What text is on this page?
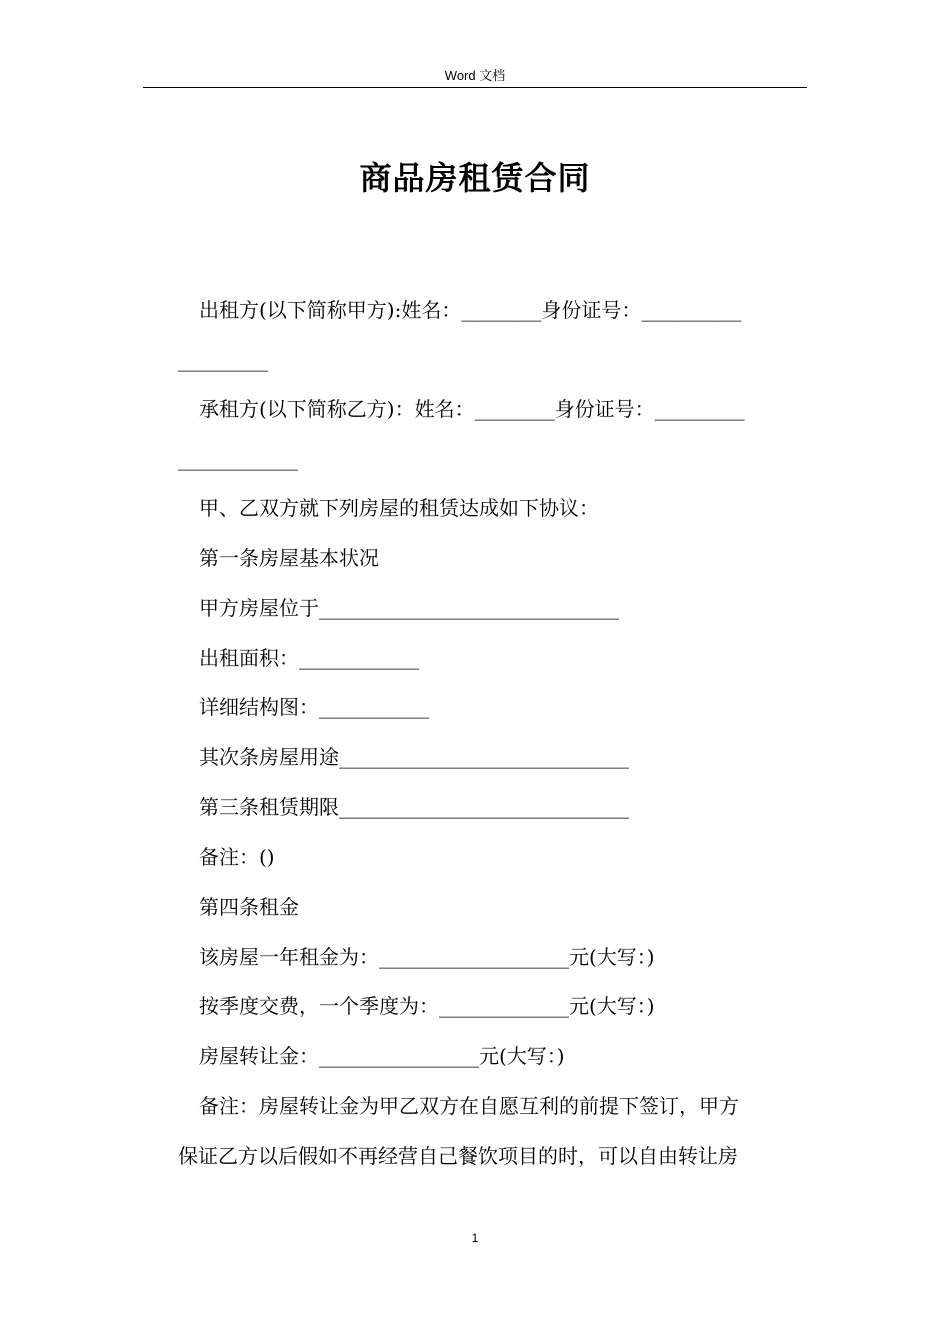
Word 文档
商品房租赁合同
出租方(以下简称甲方):姓名：________身份证号：__________
_________
承租方(以下简称乙方)：姓名：________身份证号：_________
____________
甲、乙双方就下列房屋的租赁达成如下协议：
第一条房屋基本状况
甲方房屋位于______________________________
出租面积：____________
详细结构图：___________
其次条房屋用途_____________________________
第三条租赁期限_____________________________
备注：()
第四条租金
该房屋一年租金为：___________________元(大写：)
按季度交费，一个季度为：_____________元(大写：)
房屋转让金：________________元(大写：)
备注：房屋转让金为甲乙双方在自愿互利的前提下签订，甲方
保证乙方以后假如不再经营自己餐饮项目的时，可以自由转让房
1
